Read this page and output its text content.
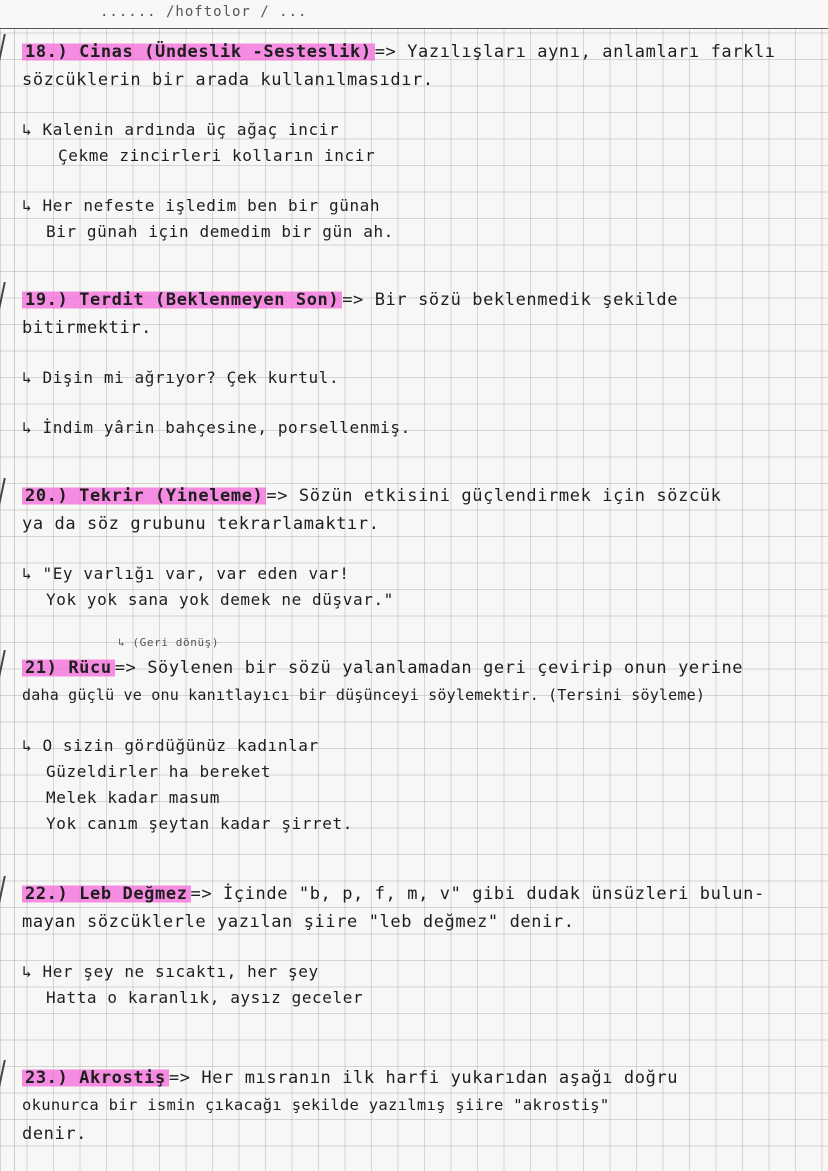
...... /hoftolor / ...
18.) Cinas (Ündeslik -Sesteslik) => Yazılışları aynı, anlamları farklı
sözcüklerin bir arada kullanılmasıdır.
↳ Kalenin ardında üç ağaç incir
Çekme zincirleri kolların incir
↳ Her nefeste işledim ben bir günah
Bir günah için demedim bir gün ah.
19.) Terdit (Beklenmeyen Son) => Bir sözü beklenmedik şekilde
bitirmektir.
↳ Dişin mi ağrıyor? Çek kurtul.
↳ İndim yârin bahçesine, porsellenmiş.
20.) Tekrir (Yineleme) => Sözün etkisini güçlendirmek için sözcük
ya da söz grubunu tekrarlamaktır.
↳ "Ey varlığı var, var eden var!
Yok yok sana yok demek ne düşvar."
↳ (Geri dönüş)
21) Rücu => Söylenen bir sözü yalanlamadan geri çevirip onun yerine
daha güçlü ve onu kanıtlayıcı bir düşünceyi söylemektir. (Tersini söyleme)
↳ O sizin gördüğünüz kadınlar
Güzeldirler ha bereket
Melek kadar masum
Yok canım şeytan kadar şirret.
22.) Leb Değmez => İçinde "b, p, f, m, v" gibi dudak ünsüzleri bulun-
mayan sözcüklerle yazılan şiire "leb değmez" denir.
↳ Her şey ne sıcaktı, her şey
Hatta o karanlık, aysız geceler
23.) Akrostiş => Her mısranın ilk harfi yukarıdan aşağı doğru
okunurca bir ismin çıkacağı şekilde yazılmış şiire "akrostiş"
denir.
